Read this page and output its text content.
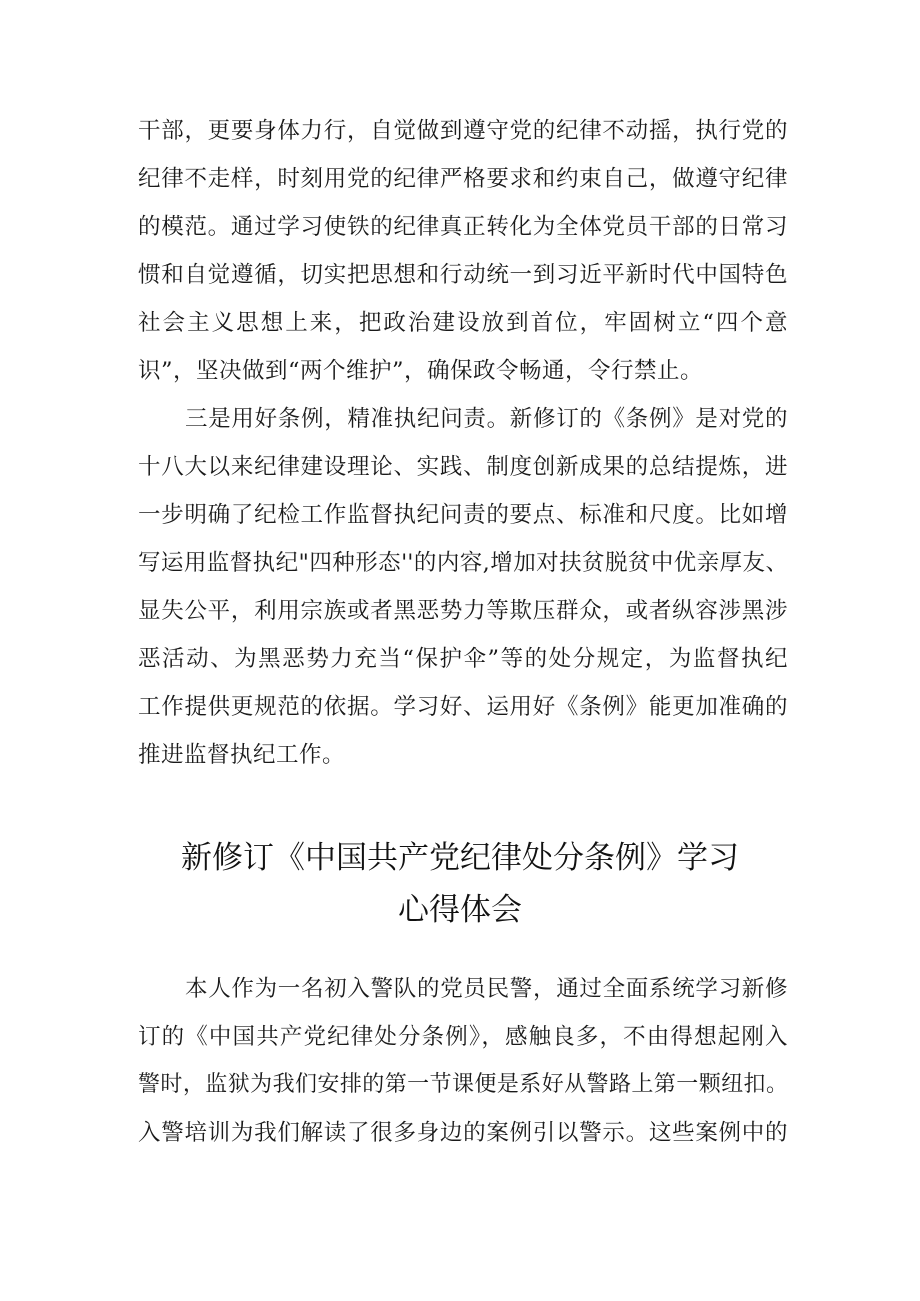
干部，更要身体力行，自觉做到遵守党的纪律不动摇，执行党的
纪律不走样，时刻用党的纪律严格要求和约束自己，做遵守纪律
的模范。通过学习使铁的纪律真正转化为全体党员干部的日常习
惯和自觉遵循，切实把思想和行动统一到习近平新时代中国特色
社会主义思想上来，把政治建设放到首位，牢固树立“四个意
识”，坚决做到“两个维护”，确保政令畅通，令行禁止。
三是用好条例，精准执纪问责。新修订的《条例》是对党的
十八大以来纪律建设理论、实践、制度创新成果的总结提炼，进
一步明确了纪检工作监督执纪问责的要点、标准和尺度。比如增
写运用监督执纪"四种形态''的内容,增加对扶贫脱贫中优亲厚友、
显失公平，利用宗族或者黑恶势力等欺压群众，或者纵容涉黑涉
恶活动、为黑恶势力充当“保护伞”等的处分规定，为监督执纪
工作提供更规范的依据。学习好、运用好《条例》能更加准确的
推进监督执纪工作。
新修订《中国共产党纪律处分条例》学习
心得体会
本人作为一名初入警队的党员民警，通过全面系统学习新修
订的《中国共产党纪律处分条例》，感触良多，不由得想起刚入
警时，监狱为我们安排的第一节课便是系好从警路上第一颗纽扣。
入警培训为我们解读了很多身边的案例引以警示。这些案例中的
